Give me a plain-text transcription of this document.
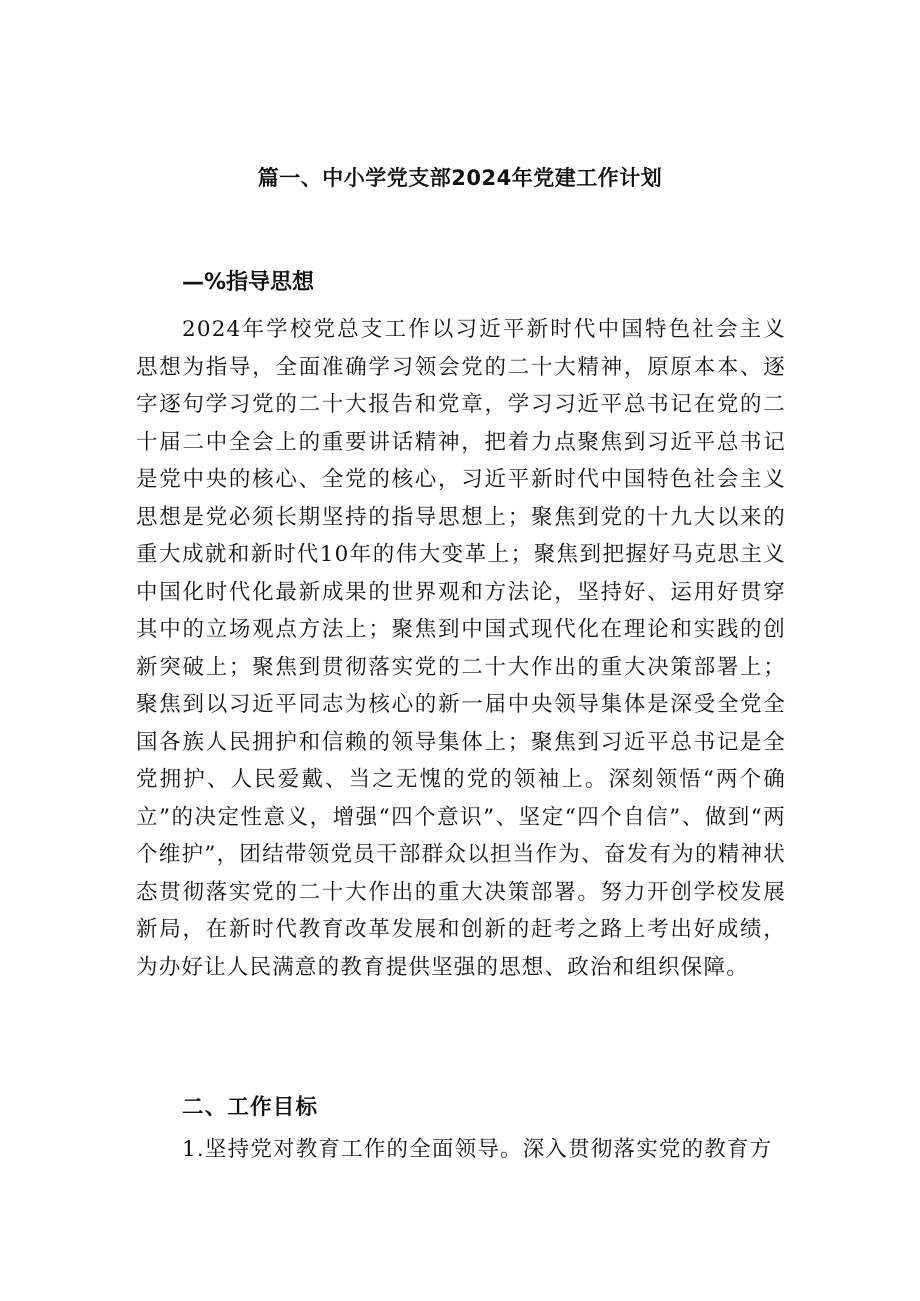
篇一、中小学党支部2024年党建工作计划
—%指导思想

2024年学校党总支工作以习近平新时代中国特色社会主义思想为指导，全面准确学习领会党的二十大精神，原原本本、逐字逐句学习党的二十大报告和党章，学习习近平总书记在党的二十届二中全会上的重要讲话精神，把着力点聚焦到习近平总书记是党中央的核心、全党的核心，习近平新时代中国特色社会主义思想是党必须长期坚持的指导思想上；聚焦到党的十九大以来的重大成就和新时代10年的伟大变革上；聚焦到把握好马克思主义中国化时代化最新成果的世界观和方法论，坚持好、运用好贯穿其中的立场观点方法上；聚焦到中国式现代化在理论和实践的创新突破上；聚焦到贯彻落实党的二十大作出的重大决策部署上；聚焦到以习近平同志为核心的新一届中央领导集体是深受全党全国各族人民拥护和信赖的领导集体上；聚焦到习近平总书记是全党拥护、人民爱戴、当之无愧的党的领袖上。深刻领悟“两个确立”的决定性意义，增强“四个意识”、坚定“四个自信”、做到“两个维护”，团结带领党员干部群众以担当作为、奋发有为的精神状态贯彻落实党的二十大作出的重大决策部署。努力开创学校发展新局，在新时代教育改革发展和创新的赶考之路上考出好成绩，为办好让人民满意的教育提供坚强的思想、政治和组织保障。

二、工作目标

1.坚持党对教育工作的全面领导。深入贯彻落实党的教育方
